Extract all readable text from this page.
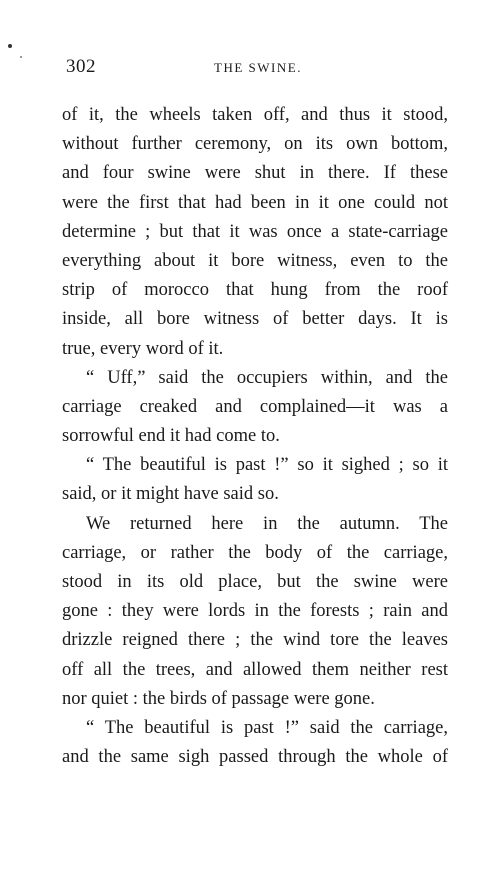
302	THE SWINE.
of it, the wheels taken off, and thus it stood,
without further ceremony, on its own bottom,
and four swine were shut in there. If these
were the first that had been in it one could not
determine ; but that it was once a state-carriage
everything about it bore witness, even to the
strip of morocco that hung from the roof
inside, all bore witness of better days. It is
true, every word of it.
“ Uff,” said the occupiers within, and the
carriage creaked and complained—it was a
sorrowful end it had come to.
“ The beautiful is past !” so it sighed ; so it
said, or it might have said so.
We returned here in the autumn. The
carriage, or rather the body of the carriage,
stood in its old place, but the swine were
gone : they were lords in the forests ; rain and
drizzle reigned there ; the wind tore the leaves
off all the trees, and allowed them neither rest
nor quiet : the birds of passage were gone.
“ The beautiful is past !” said the carriage,
and the same sigh passed through the whole of
